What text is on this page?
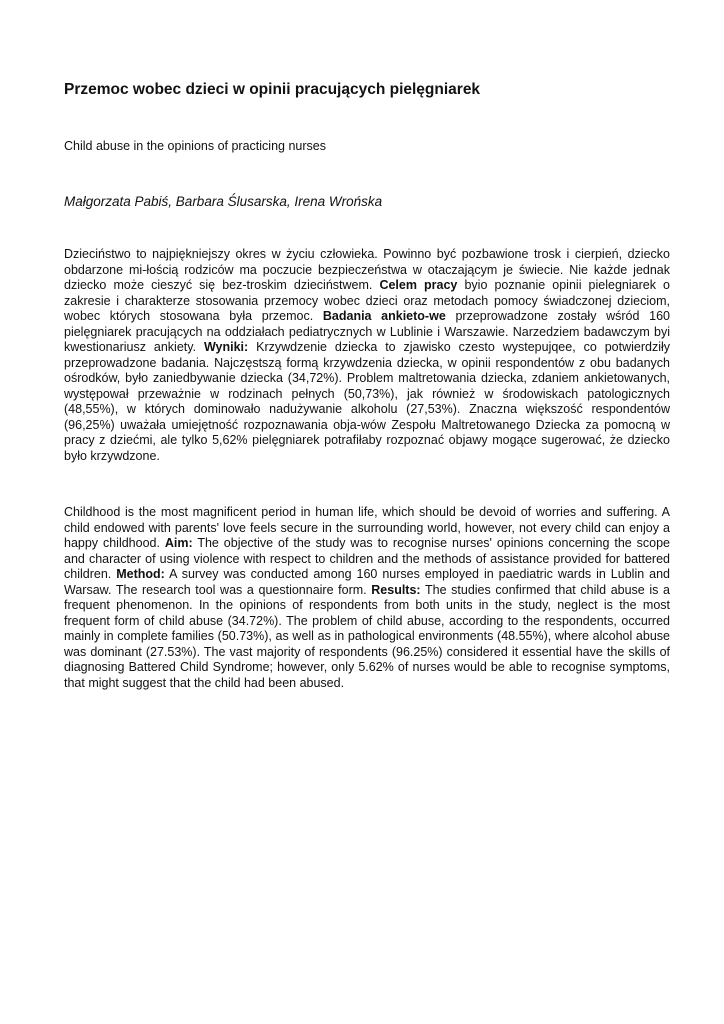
Przemoc wobec dzieci w opinii pracujących pielęgniarek

Child abuse in the opinions of practicing nurses

Małgorzata Pabiś, Barbara Ślusarska, Irena Wrońska

Dzieciństwo to najpiękniejszy okres w życiu człowieka. Powinno być pozbawione trosk i cierpień, dziecko obdarzone mi-łością rodziców ma poczucie bezpieczeństwa w otaczającym je świecie. Nie każde jednak dziecko może cieszyć się bez-troskim dzieciństwem. Celem pracy byio poznanie opinii pielegniarek o zakresie i charakterze stosowania przemocy wobec dzieci oraz metodach pomocy świadczonej dzieciom, wobec których stosowana była przemoc. Badania ankieto-we przeprowadzone zostały wśród 160 pielęgniarek pracujących na oddziałach pediatrycznych w Lublinie i Warszawie. Narzedziem badawczym byi kwestionariusz ankiety. Wyniki: Krzywdzenie dziecka to zjawisko czesto wystepujqee, co potwierdziły przeprowadzone badania. Najczęstszą formą krzywdzenia dziecka, w opinii respondentów z obu badanych ośrodków, było zaniedbywanie dziecka (34,72%). Problem maltretowania dziecka, zdaniem ankietowanych, występował przeważnie w rodzinach pełnych (50,73%), jak również w środowiskach patologicznych (48,55%), w których dominowało nadużywanie alkoholu (27,53%). Znaczna większość respondentów (96,25%) uważała umiejętność rozpoznawania obja-wów Zespołu Maltretowanego Dziecka za pomocną w pracy z dziećmi, ale tylko 5,62% pielęgniarek potrafiłaby rozpoznać objawy mogące sugerować, że dziecko było krzywdzone.

Childhood is the most magnificent period in human life, which should be devoid of worries and suffering. A child endowed with parents' love feels secure in the surrounding world, however, not every child can enjoy a happy childhood. Aim: The objective of the study was to recognise nurses' opinions concerning the scope and character of using violence with respect to children and the methods of assistance provided for battered children. Method: A survey was conducted among 160 nurses employed in paediatric wards in Lublin and Warsaw. The research tool was a questionnaire form. Results: The studies confirmed that child abuse is a frequent phenomenon. In the opinions of respondents from both units in the study, neglect is the most frequent form of child abuse (34.72%). The problem of child abuse, according to the respondents, occurred mainly in complete families (50.73%), as well as in pathological environments (48.55%), where alcohol abuse was dominant (27.53%). The vast majority of respondents (96.25%) considered it essential have the skills of diagnosing Battered Child Syndrome; however, only 5.62% of nurses would be able to recognise symptoms, that might suggest that the child had been abused.
